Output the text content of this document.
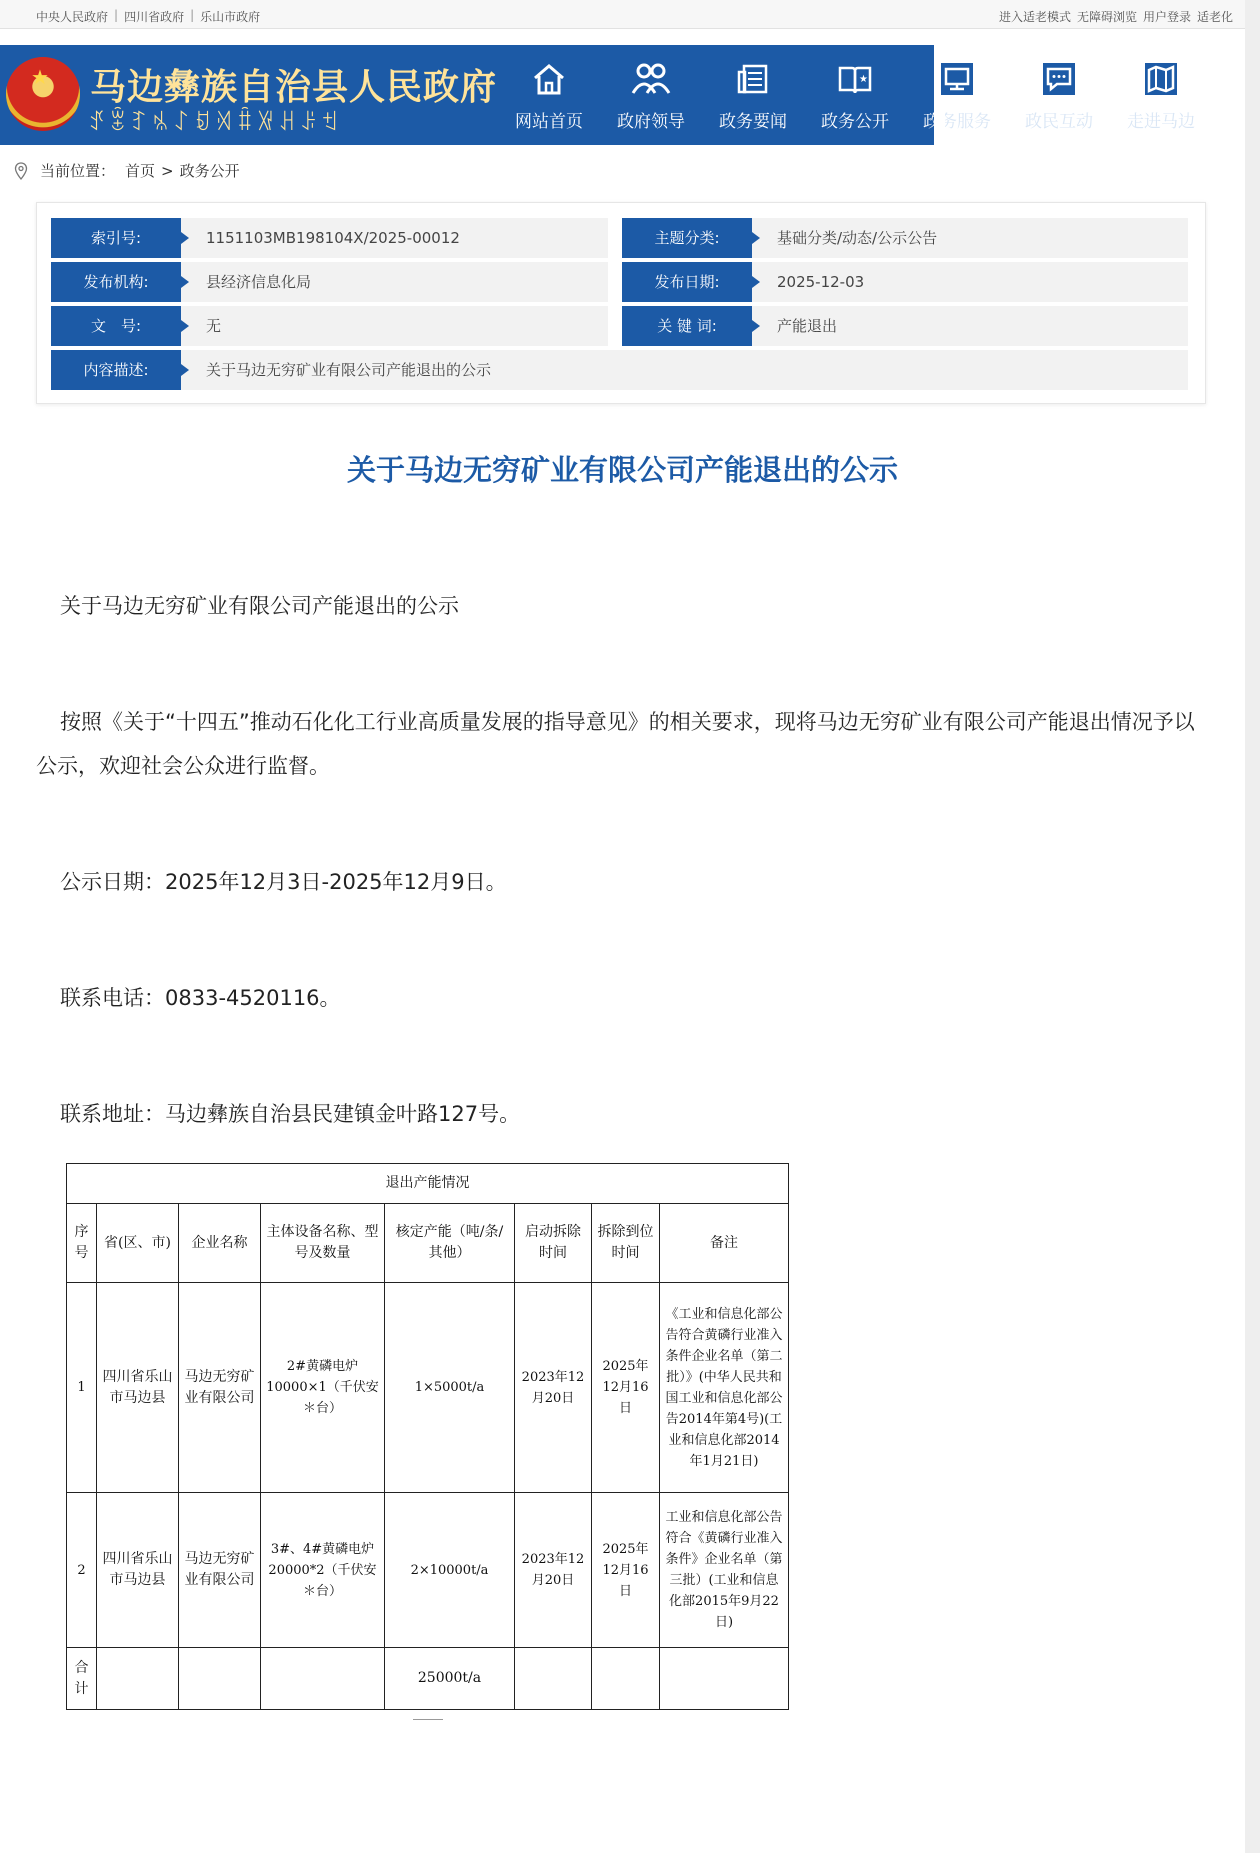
中央人民政府 | 四川省政府 | 乐山市政府	进入适老模式 无障碍浏览 用户登录 适老化
★ 马边彝族自治县人民政府
ꀋꂂꆈꁱꋍꀂꄉꐙꑟꃅꌠꉬ	网站首页	政府领导	政务要闻
★
政务公开	政务服务	政民互动	走进马边
当前位置： 首页 > 政务公开
索引号:	1151103MB198104X/2025-00012	主题分类:	基础分类/动态/公示公告
发布机构:	县经济信息化局	发布日期:	2025-12-03
文　号:	无	关 键 词:	产能退出
内容描述:	关于马边无穷矿业有限公司产能退出的公示
关于马边无穷矿业有限公司产能退出的公示
关于马边无穷矿业有限公司产能退出的公示
按照《关于“十四五”推动石化化工行业高质量发展的指导意见》的相关要求，现将马边无穷矿业有限公司产能退出情况予以公示，欢迎社会公众进行监督。
公示日期：2025年12月3日-2025年12月9日。
联系电话：0833-4520116。
联系地址：马边彝族自治县民建镇金叶路127号。
退出产能情况							
序号	省(区、市)	企业名称	主体设备名称、型号及数量	核定产能（吨/条/其他）	启动拆除时间	拆除到位时间	备注
1	四川省乐山市马边县	马边无穷矿业有限公司	2#黄磷电炉 10000×1（千伏安＊台）	1×5000t/a	2023年12月20日	2025年12月16日	《工业和信息化部公告符合黄磷行业准入条件企业名单（第二批）》(中华人民共和国工业和信息化部公告2014年第4号)(工业和信息化部2014年1月21日)
2	四川省乐山市马边县	马边无穷矿业有限公司	3#、4#黄磷电炉 20000*2（千伏安＊台）	2×10000t/a	2023年12月20日	2025年12月16日	工业和信息化部公告符合《黄磷行业准入条件》企业名单（第三批）(工业和信息化部2015年9月22日)
合计				25000t/a			
